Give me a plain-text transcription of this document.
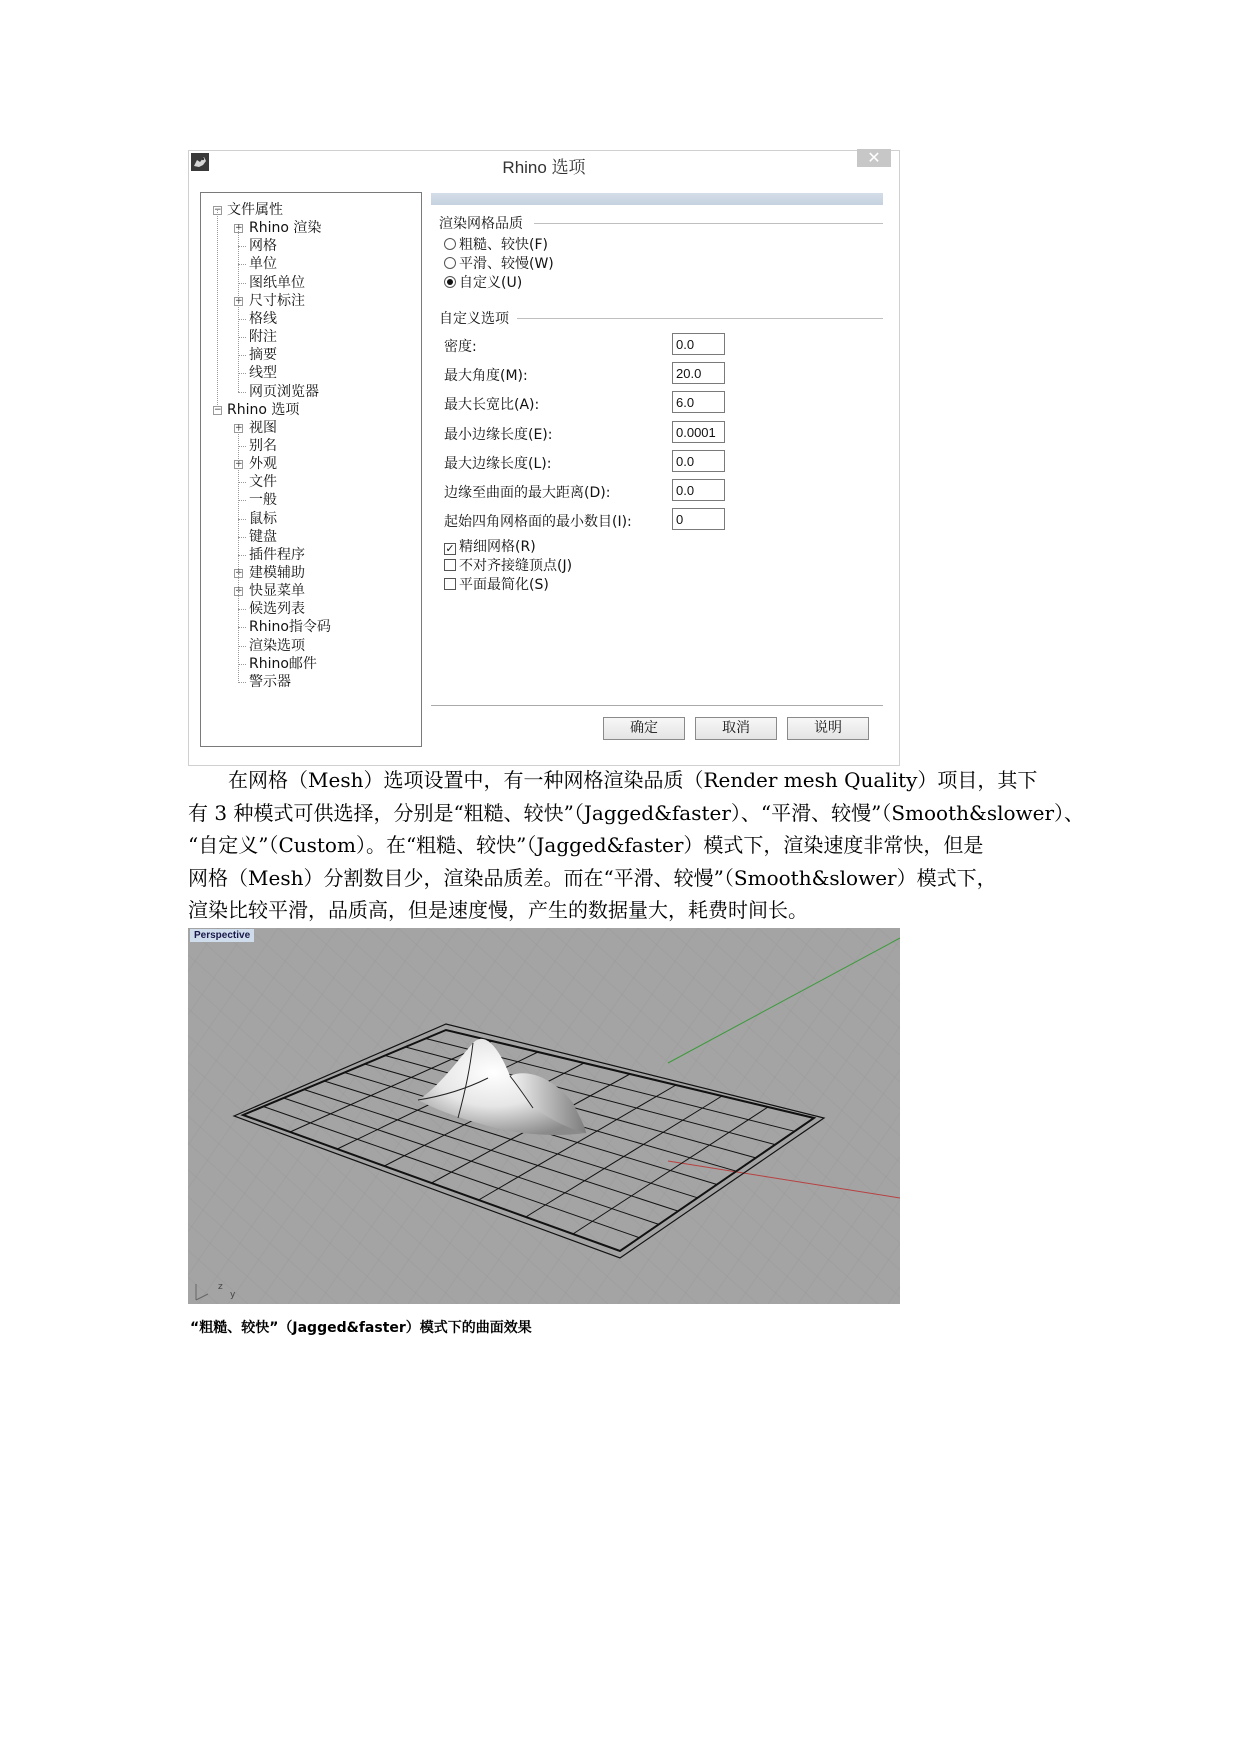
Rhino 选项
✕
文件属性
−
Rhino 渲染
+
网格
单位
图纸单位
尺寸标注
+
格线
附注
摘要
线型
网页浏览器
Rhino 选项
−
视图
+
别名
外观
+
文件
一般
鼠标
键盘
插件程序
建模辅助
+
快显菜单
+
候选列表
Rhino指令码
渲染选项
Rhino邮件
警示器
渲染网格品质
自定义选项
确定	取消	说明
粗糙、较快(F)
平滑、较慢(W)
自定义(U)
密度:
0.0
最大角度(M):
20.0
最大长宽比(A):
6.0
最小边缘长度(E):
0.0001
最大边缘长度(L):
0.0
边缘至曲面的最大距离(D):
0.0
起始四角网格面的最小数目(I):
0
✓ 精细网格(R)
不对齐接缝顶点(J)
平面最简化(S)
　　在网格（Mesh）选项设置中，有一种网格渲染品质（Render mesh Quality）项目，其下
有 3 种模式可供选择，分别是“粗糙、较快”（Jagged&faster）、“平滑、较慢”（Smooth&slower）、
“自定义”（Custom）。在“粗糙、较快”（Jagged&faster）模式下，渲染速度非常快，但是
网格（Mesh）分割数目少，渲染品质差。而在“平滑、较慢”（Smooth&slower）模式下，
渲染比较平滑，品质高，但是速度慢，产生的数据量大，耗费时间长。
z
y
Perspective
“粗糙、较快”（Jagged&faster）模式下的曲面效果
